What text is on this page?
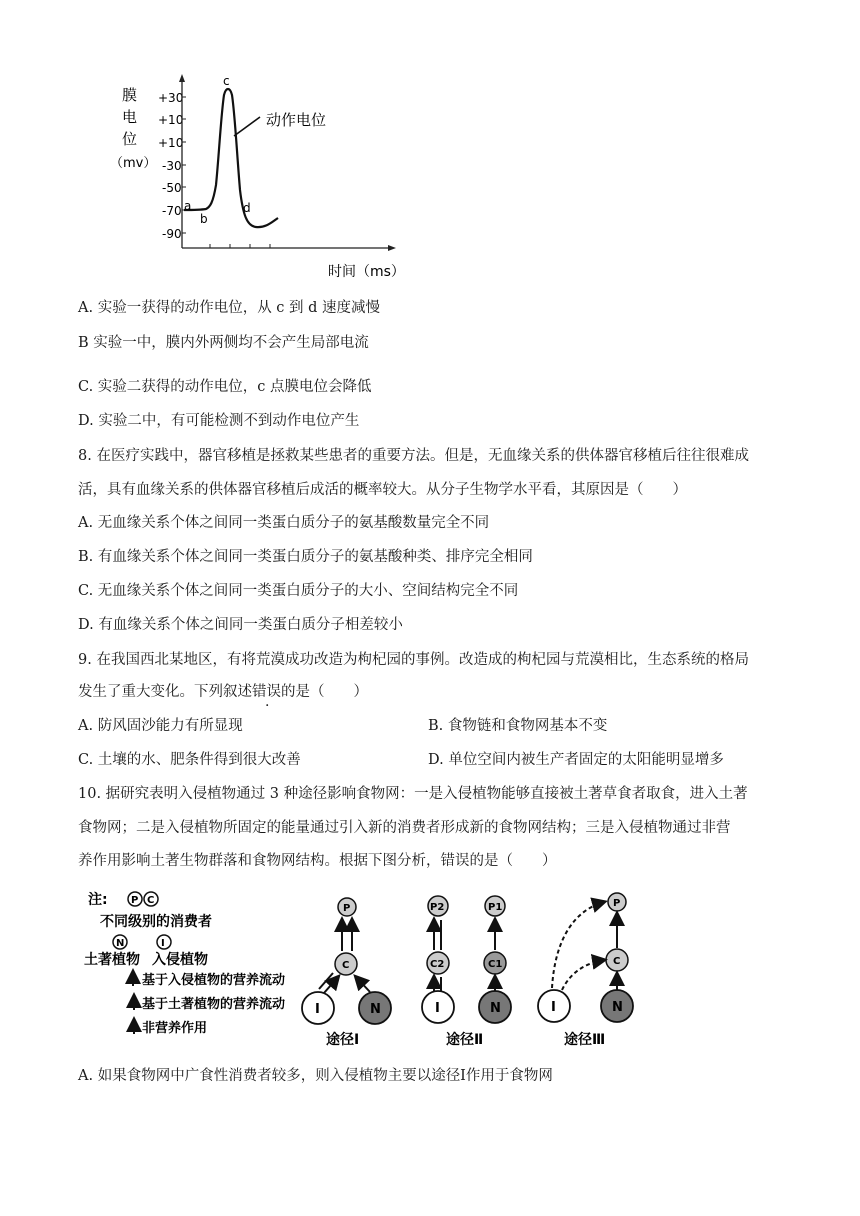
膜
电
位
（mv）
+30
+10
+10
-30
-50
-70
-90
动作电位
a
b
c
d
时间（ms）
A. 实验一获得的动作电位，从 c 到 d 速度减慢
B 实验一中，膜内外两侧均不会产生局部电流
C. 实验二获得的动作电位，c 点膜电位会降低
D. 实验二中，有可能检测不到动作电位产生
8. 在医疗实践中，器官移植是拯救某些患者的重要方法。但是，无血缘关系的供体器官移植后往往很难成
活，具有血缘关系的供体器官移植后成活的概率较大。从分子生物学水平看，其原因是（　　）
A. 无血缘关系个体之间同一类蛋白质分子的氨基酸数量完全不同
B. 有血缘关系个体之间同一类蛋白质分子的氨基酸种类、排序完全相同
C. 无血缘关系个体之间同一类蛋白质分子的大小、空间结构完全不同
D. 有血缘关系个体之间同一类蛋白质分子相差较小
9. 在我国西北某地区，有将荒漠成功改造为枸杞园的事例。改造成的枸杞园与荒漠相比，生态系统的格局
发生了重大变化。下列叙述错误的是（　　）
A. 防风固沙能力有所显现	B. 食物链和食物网基本不变
C. 土壤的水、肥条件得到很大改善	D. 单位空间内被生产者固定的太阳能明显增多
10. 据研究表明入侵植物通过 3 种途径影响食物网：一是入侵植物能够直接被土著草食者取食，进入土著
食物网；二是入侵植物所固定的能量通过引入新的消费者形成新的食物网结构；三是入侵植物通过非营
养作用影响土著生物群落和食物网结构。根据下图分析，错误的是（　　）
注: P C
不同级别的消费者
N	I
土著植物 入侵植物
基于入侵植物的营养流动
基于土著植物的营养流动
非营养作用
P
C
I	N
途径Ⅰ
P2
C2
I
P1
C1
N
途径Ⅱ
P
C
I	N
途径Ⅲ
A. 如果食物网中广食性消费者较多，则入侵植物主要以途径Ⅰ作用于食物网
